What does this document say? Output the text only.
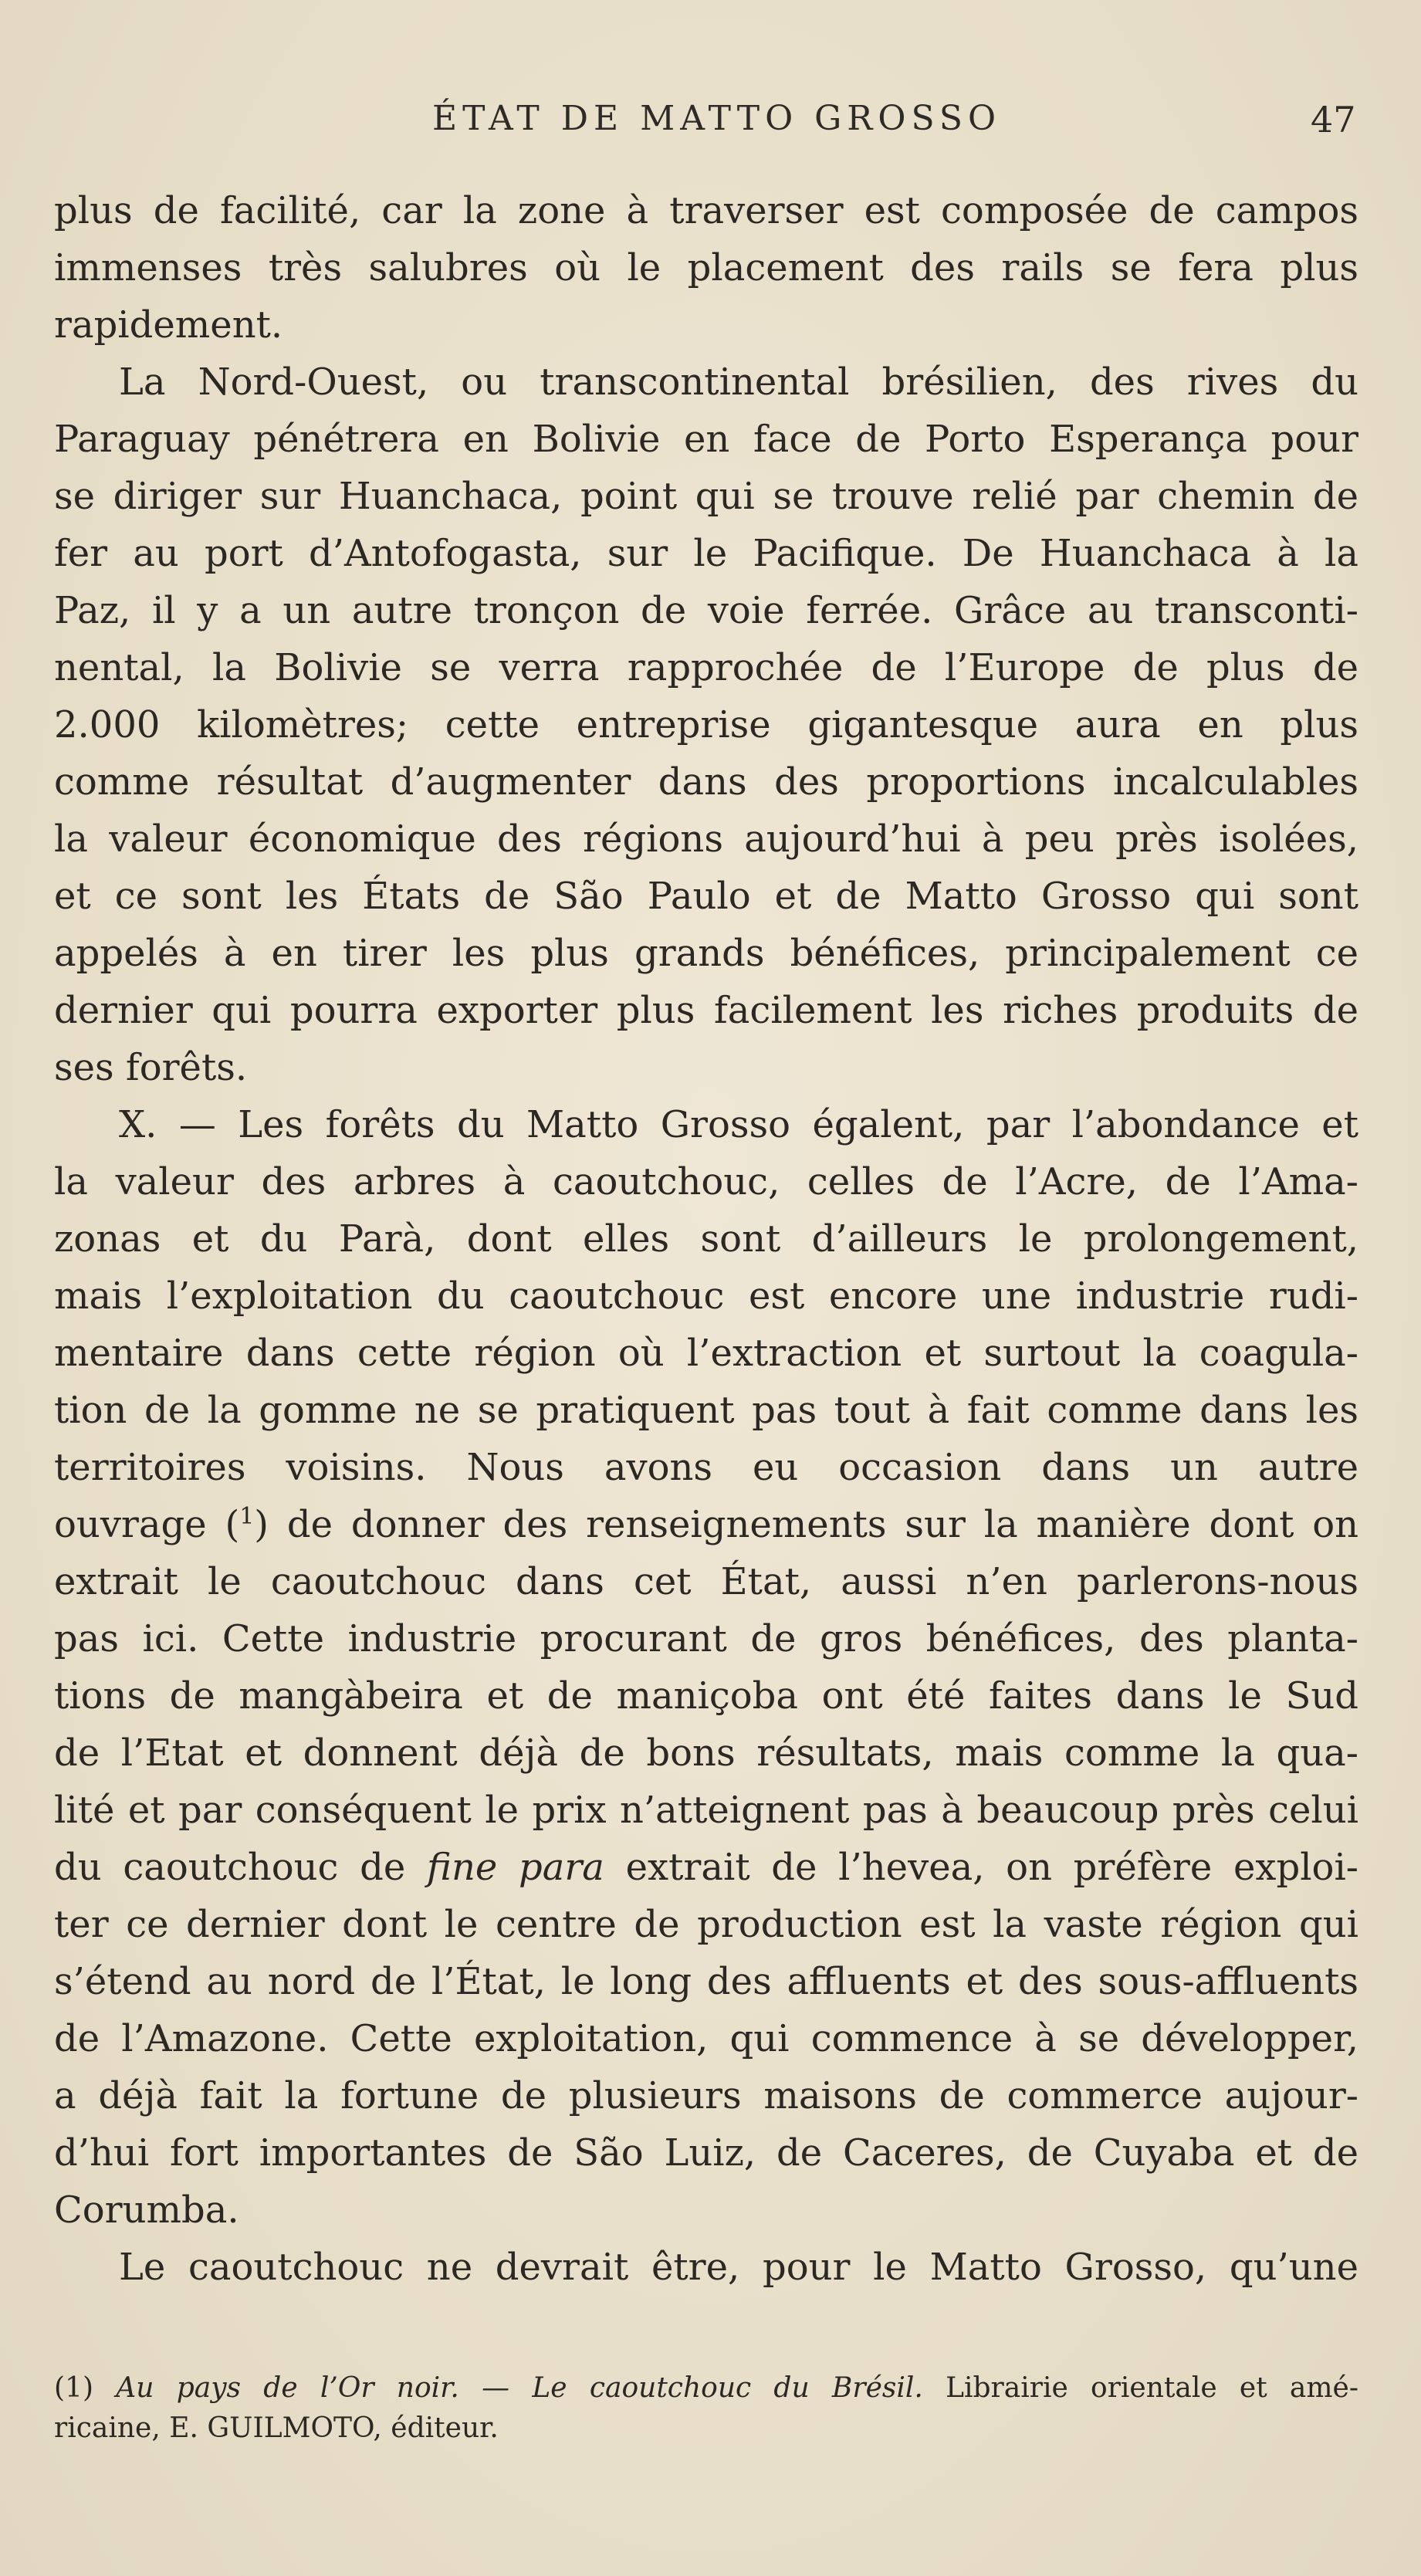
ÉTAT DE MATTO GROSSO	47

plus de facilité, car la zone à traverser est composée de campos
immenses très salubres où le placement des rails se fera plus
rapidement.

La Nord-Ouest, ou transcontinental brésilien, des rives du
Paraguay pénétrera en Bolivie en face de Porto Esperança pour
se diriger sur Huanchaca, point qui se trouve relié par chemin de
fer au port d’Antofogasta, sur le Pacifique. De Huanchaca à la
Paz, il y a un autre tronçon de voie ferrée. Grâce au transconti-
nental, la Bolivie se verra rapprochée de l’Europe de plus de
2.000 kilomètres; cette entreprise gigantesque aura en plus
comme résultat d’augmenter dans des proportions incalculables
la valeur économique des régions aujourd’hui à peu près isolées,
et ce sont les États de São Paulo et de Matto Grosso qui sont
appelés à en tirer les plus grands bénéfices, principalement ce
dernier qui pourra exporter plus facilement les riches produits de
ses forêts.

X. — Les forêts du Matto Grosso égalent, par l’abondance et
la valeur des arbres à caoutchouc, celles de l’Acre, de l’Ama-
zonas et du Parà, dont elles sont d’ailleurs le prolongement,
mais l’exploitation du caoutchouc est encore une industrie rudi-
mentaire dans cette région où l’extraction et surtout la coagula-
tion de la gomme ne se pratiquent pas tout à fait comme dans les
territoires voisins. Nous avons eu occasion dans un autre
ouvrage ($^1$) de donner des renseignements sur la manière dont on
extrait le caoutchouc dans cet État, aussi n’en parlerons-nous
pas ici. Cette industrie procurant de gros bénéfices, des planta-
tions de mangàbeira et de maniçoba ont été faites dans le Sud
de l’Etat et donnent déjà de bons résultats, mais comme la qua-
lité et par conséquent le prix n’atteignent pas à beaucoup près celui
du caoutchouc de fine para extrait de l’hevea, on préfère exploi-
ter ce dernier dont le centre de production est la vaste région qui
s’étend au nord de l’État, le long des affluents et des sous-affluents
de l’Amazone. Cette exploitation, qui commence à se développer,
a déjà fait la fortune de plusieurs maisons de commerce aujour-
d’hui fort importantes de São Luiz, de Caceres, de Cuyaba et de
Corumba.

Le caoutchouc ne devrait être, pour le Matto Grosso, qu’une

(1) Au pays de l’Or noir. — Le caoutchouc du Brésil. Librairie orientale et amé-
ricaine, E. GUILMOTO, éditeur.
